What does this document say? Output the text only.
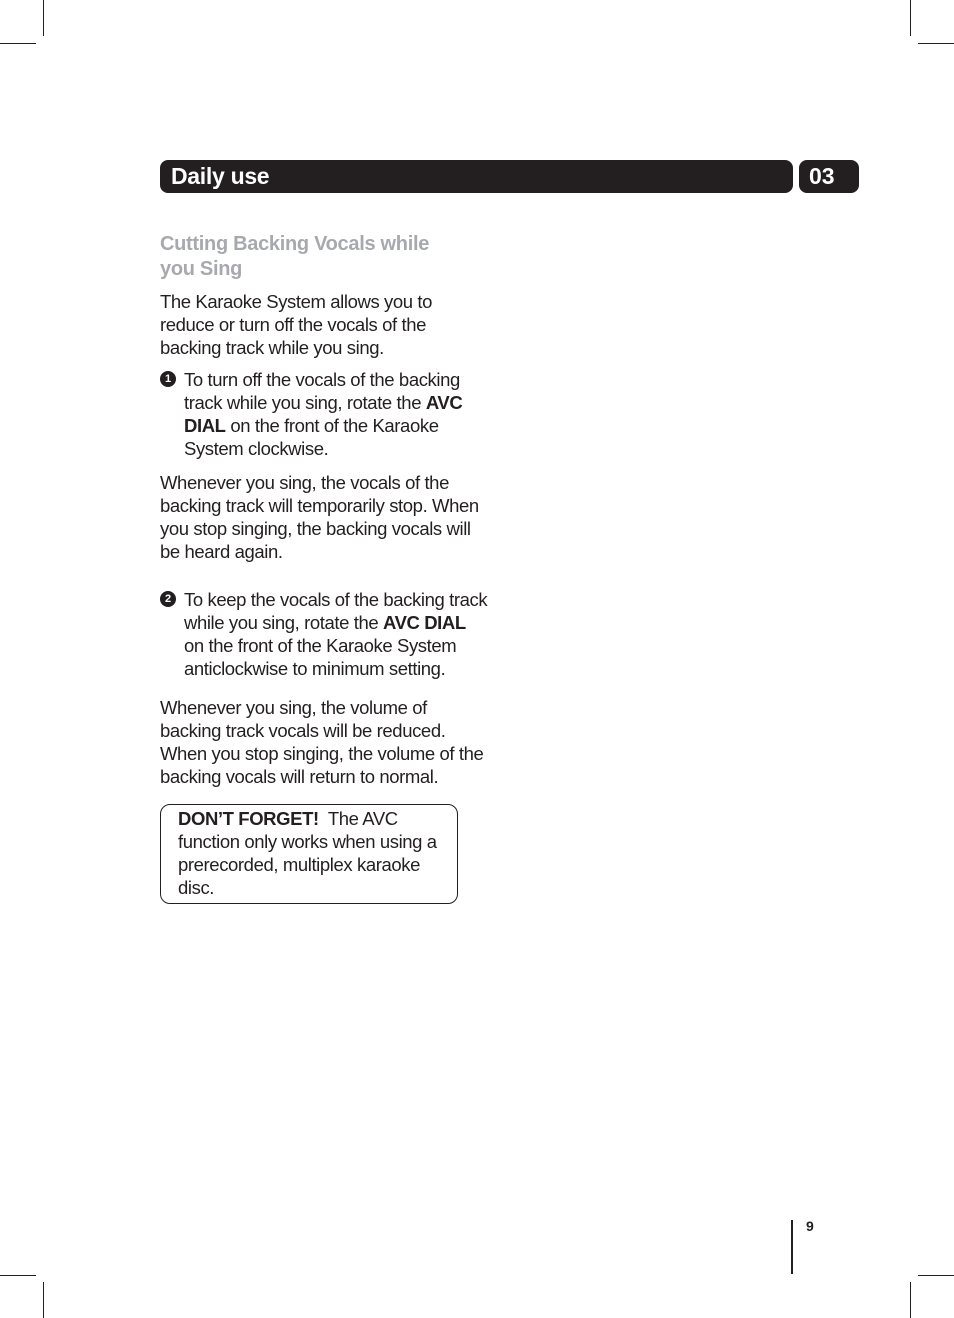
Daily use	03
Cutting Backing Vocals while
you Sing

The Karaoke System allows you to reduce or turn off the vocals of the backing track while you sing.

1 To turn off the vocals of the backing track while you sing, rotate the AVC DIAL on the front of the Karaoke System clockwise.

Whenever you sing, the vocals of the backing track will temporarily stop. When you stop singing, the backing vocals will be heard again.

2 To keep the vocals of the backing track while you sing, rotate the AVC DIAL on the front of the Karaoke System anticlockwise to minimum setting.

Whenever you sing, the volume of backing track vocals will be reduced. When you stop singing, the volume of the backing vocals will return to normal.

DON’T FORGET! The AVC function only works when using a prerecorded, multiplex karaoke disc.
9
